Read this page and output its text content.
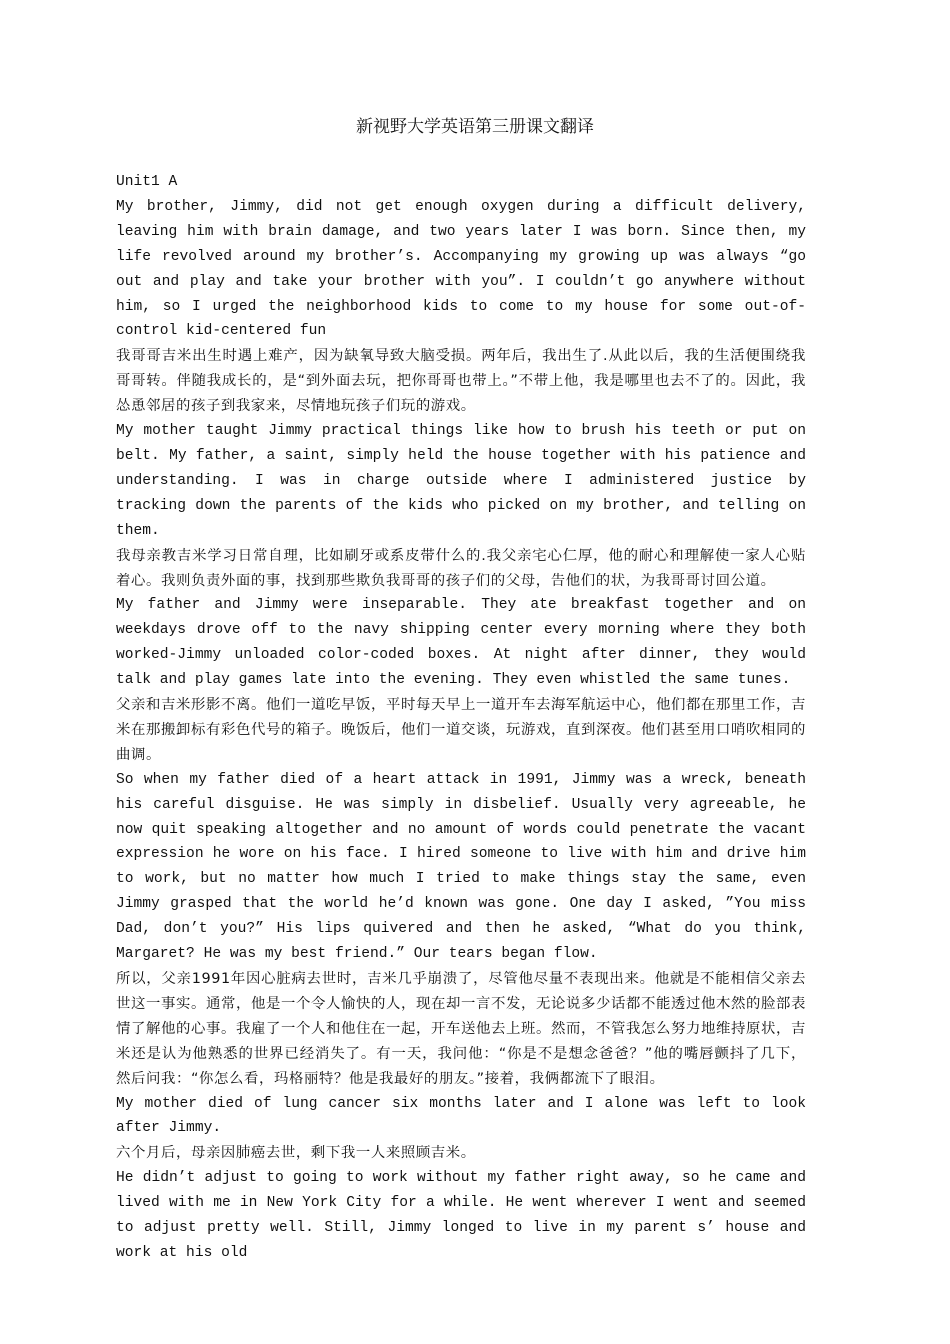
新视野大学英语第三册课文翻译

Unit1 A

My brother, Jimmy, did not get enough oxygen during a difficult delivery, leaving him with brain damage, and two years later I was born. Since then, my life revolved around my brother’s. Accompanying my growing up was always “go out and play and take your brother with you”. I couldn’t go anywhere without him, so I urged the neighborhood kids to come to my house for some out-of-control kid-centered fun

我哥哥吉米出生时遇上难产，因为缺氧导致大脑受损。两年后，我出生了.从此以后，我的生活便围绕我哥哥转。伴随我成长的，是“到外面去玩，把你哥哥也带上。”不带上他，我是哪里也去不了的。因此，我怂恿邻居的孩子到我家来，尽情地玩孩子们玩的游戏。

My mother taught Jimmy practical things like how to brush his teeth or put on belt. My father, a saint, simply held the house together with his patience and understanding. I was in charge outside where I administered justice by tracking down the parents of the kids who picked on my brother, and telling on them.

我母亲教吉米学习日常自理，比如刷牙或系皮带什么的.我父亲宅心仁厚，他的耐心和理解使一家人心贴着心。我则负责外面的事，找到那些欺负我哥哥的孩子们的父母，告他们的状，为我哥哥讨回公道。

My father and Jimmy were inseparable. They ate breakfast together and on weekdays drove off to the navy shipping center every morning where they both worked-Jimmy unloaded color-coded boxes. At night after dinner, they would talk and play games late into the evening. They even whistled the same tunes.

父亲和吉米形影不离。他们一道吃早饭，平时每天早上一道开车去海军航运中心，他们都在那里工作，吉米在那搬卸标有彩色代号的箱子。晚饭后，他们一道交谈，玩游戏，直到深夜。他们甚至用口哨吹相同的曲调。

So when my father died of a heart attack in 1991, Jimmy was a wreck, beneath his careful disguise. He was simply in disbelief. Usually very agreeable, he now quit speaking altogether and no amount of words could penetrate the vacant expression he wore on his face. I hired someone to live with him and drive him to work, but no matter how much I tried to make things stay the same, even Jimmy grasped that the world he’d known was gone. One day I asked, ”You miss Dad, don’t you?” His lips quivered and then he asked, “What do you think, Margaret? He was my best friend.” Our tears began flow.

所以，父亲1991年因心脏病去世时，吉米几乎崩溃了，尽管他尽量不表现出来。他就是不能相信父亲去世这一事实。通常，他是一个令人愉快的人，现在却一言不发，无论说多少话都不能透过他木然的脸部表情了解他的心事。我雇了一个人和他住在一起，开车送他去上班。然而，不管我怎么努力地维持原状，吉米还是认为他熟悉的世界已经消失了。有一天，我问他：“你是不是想念爸爸？”他的嘴唇颤抖了几下，然后问我：“你怎么看，玛格丽特？他是我最好的朋友。”接着，我俩都流下了眼泪。

My mother died of lung cancer six months later and I alone was left to look after Jimmy.

六个月后，母亲因肺癌去世，剩下我一人来照顾吉米。

He didn’t adjust to going to work without my father right away, so he came and lived with me in New York City for a while. He went wherever I went and seemed to adjust pretty well. Still, Jimmy longed to live in my parent s’ house and work at his old
